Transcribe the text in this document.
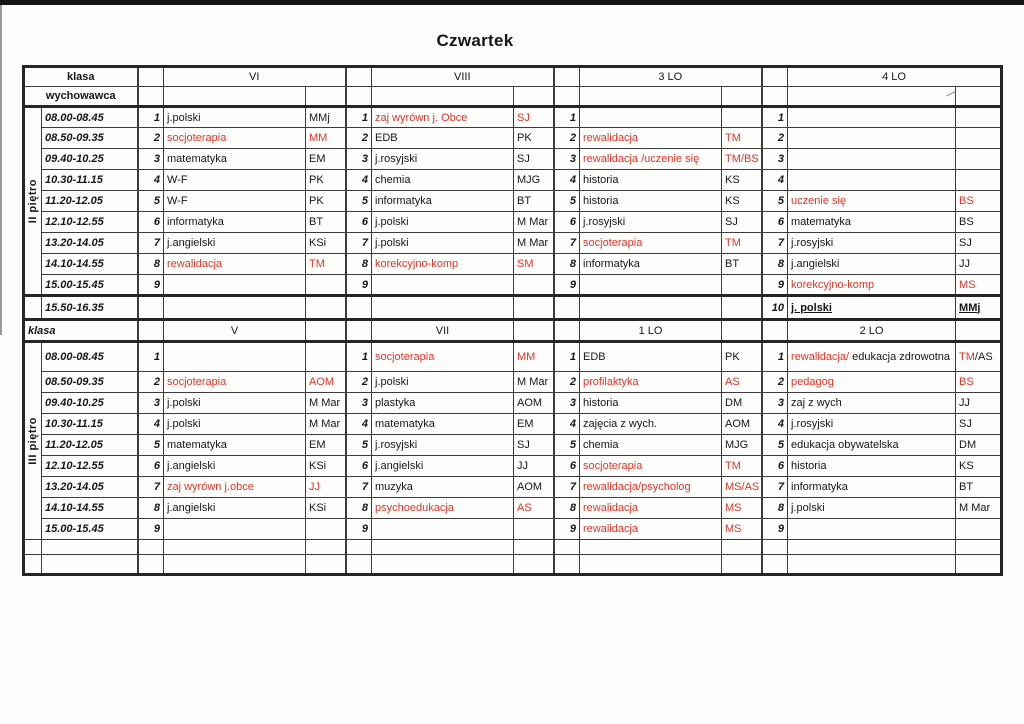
Czwartek
klasa			VI			VIII			3 LO			4 LO	
wychowawca													

II piętro	08.00-08.45	1	j.polski	MMj	1	zaj wyrówn j. Obce	SJ	1			1		
	08.50-09.35	2	socjoterapia	MM	2	EDB	PK	2	rewalidacja	TM	2		
	09.40-10.25	3	matematyka	EM	3	j.rosyjski	SJ	3	rewalidacja /uczenie się	TM/BS	3		
	10.30-11.15	4	W-F	PK	4	chemia	MJG	4	historia	KS	4		
	11.20-12.05	5	W-F	PK	5	informatyka	BT	5	historia	KS	5	uczenie się	BS
	12.10-12.55	6	informatyka	BT	6	j.polski	M Mar	6	j.rosyjski	SJ	6	matematyka	BS
	13.20-14.05	7	j.angielski	KSi	7	j.polski	M Mar	7	socjoterapia	TM	7	j.rosyjski	SJ
	14.10-14.55	8	rewalidacja	TM	8	korekcyjno-komp	SM	8	informatyka	BT	8	j.angielski	JJ
	15.00-15.45	9			9			9			9	korekcyjno-komp	MS
	15.50-16.35										10	j. polski	MMj
klasa			V			VII			1 LO			2 LO	

III piętro	08.00-08.45	1			1	socjoterapia	MM	1	EDB	PK	1	rewalidacja/ edukacja zdrowotna	TM/AS
	08.50-09.35	2	socjoterapia	AOM	2	j.polski	M Mar	2	profilaktyka	AS	2	pedagog	BS
	09.40-10.25	3	j.polski	M Mar	3	plastyka	AOM	3	historia	DM	3	zaj z wych	JJ
	10.30-11.15	4	j.polski	M Mar	4	matematyka	EM	4	zajęcia z wych.	AOM	4	j.rosyjski	SJ
	11.20-12.05	5	matematyka	EM	5	j.rosyjski	SJ	5	chemia	MJG	5	edukacja obywatelska	DM
	12.10-12.55	6	j.angielski	KSi	6	j.angielski	JJ	6	socjoterapia	TM	6	historia	KS
	13.20-14.05	7	zaj wyrówn j.obce	JJ	7	muzyka	AOM	7	rewalidacja/psycholog	MS/AS	7	informatyka	BT
	14.10-14.55	8	j.angielski	KSi	8	psychoedukacja	AS	8	rewalidacja	MS	8	j.polski	M Mar
	15.00-15.45	9			9			9	rewalidacja	MS	9		
